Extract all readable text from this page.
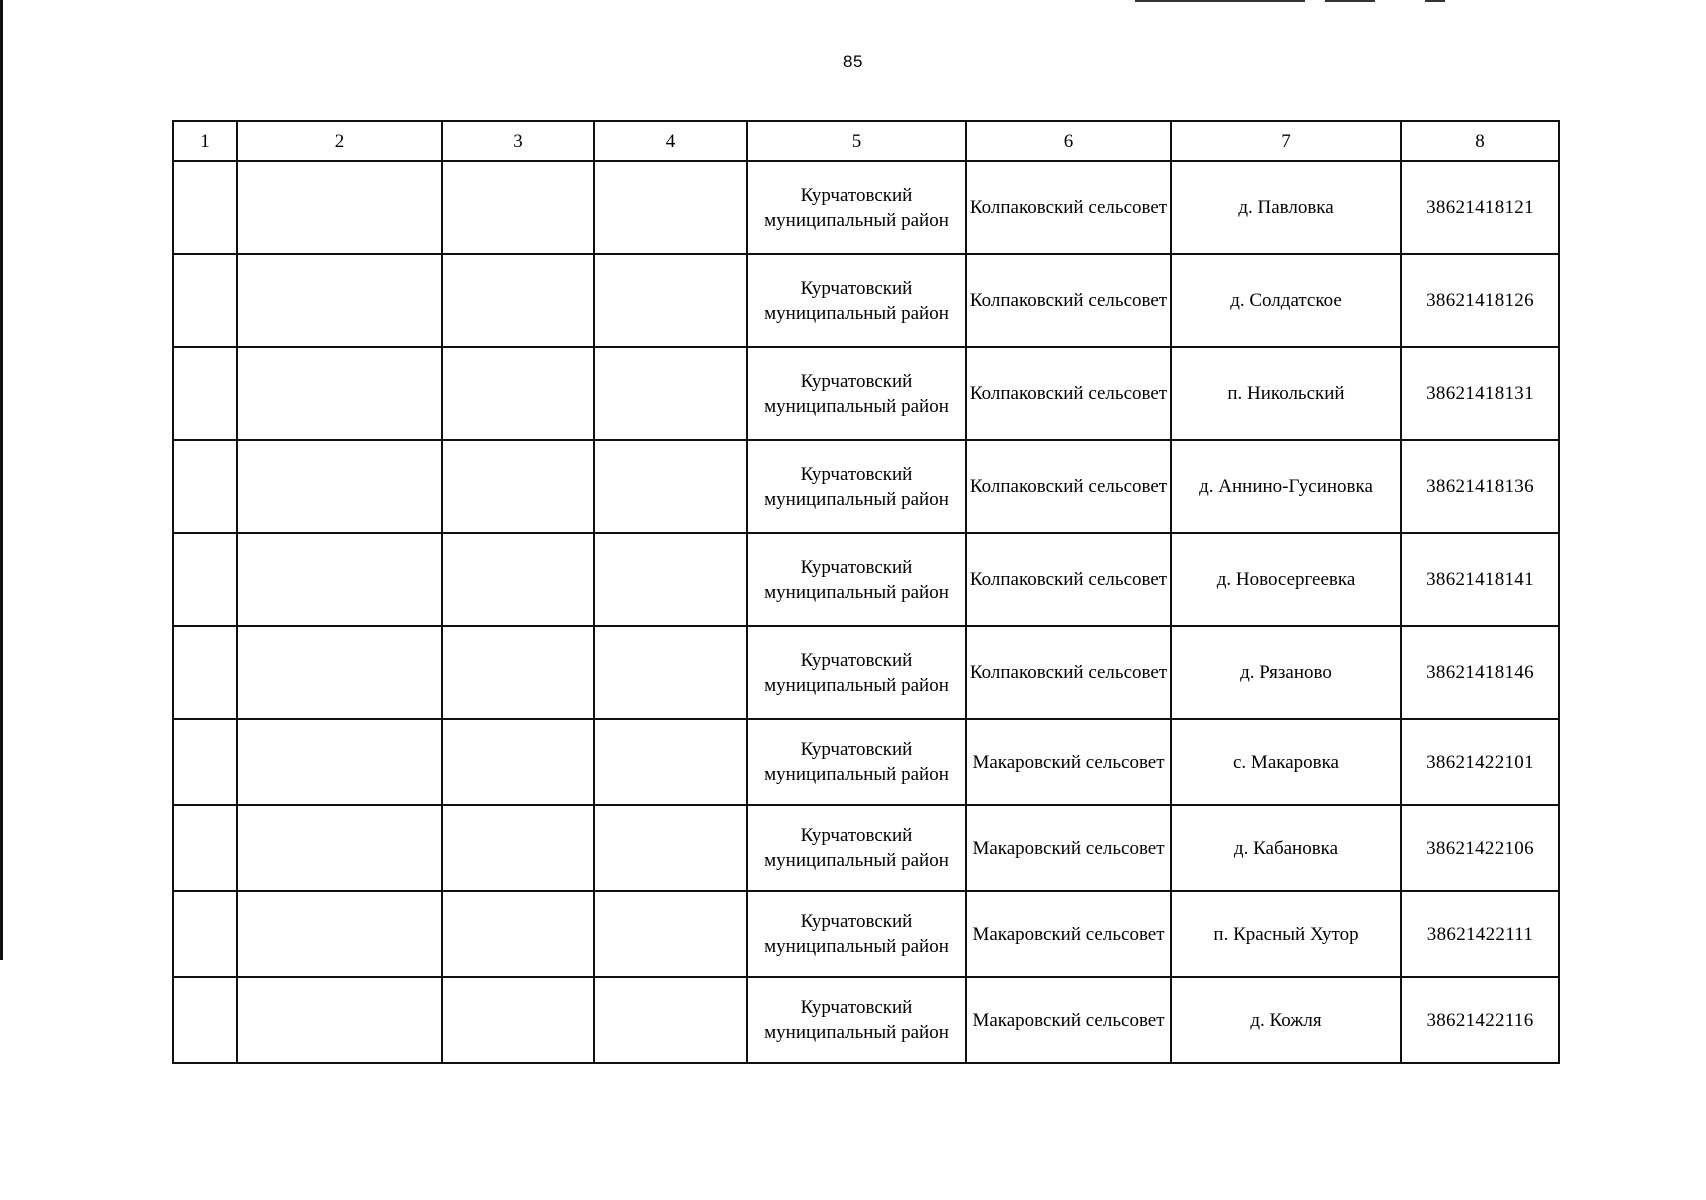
85
1	2	3	4	5	6	7	8
				Курчатовский муниципальный район	Колпаковский сельсовет	д. Павловка	38621418121
				Курчатовский муниципальный район	Колпаковский сельсовет	д. Солдатское	38621418126
				Курчатовский муниципальный район	Колпаковский сельсовет	п. Никольский	38621418131
				Курчатовский муниципальный район	Колпаковский сельсовет	д. Аннино-Гусиновка	38621418136
				Курчатовский муниципальный район	Колпаковский сельсовет	д. Новосергеевка	38621418141
				Курчатовский муниципальный район	Колпаковский сельсовет	д. Рязаново	38621418146
				Курчатовский муниципальный район	Макаровский сельсовет	с. Макаровка	38621422101
				Курчатовский муниципальный район	Макаровский сельсовет	д. Кабановка	38621422106
				Курчатовский муниципальный район	Макаровский сельсовет	п. Красный Хутор	38621422111
				Курчатовский муниципальный район	Макаровский сельсовет	д. Кожля	38621422116
